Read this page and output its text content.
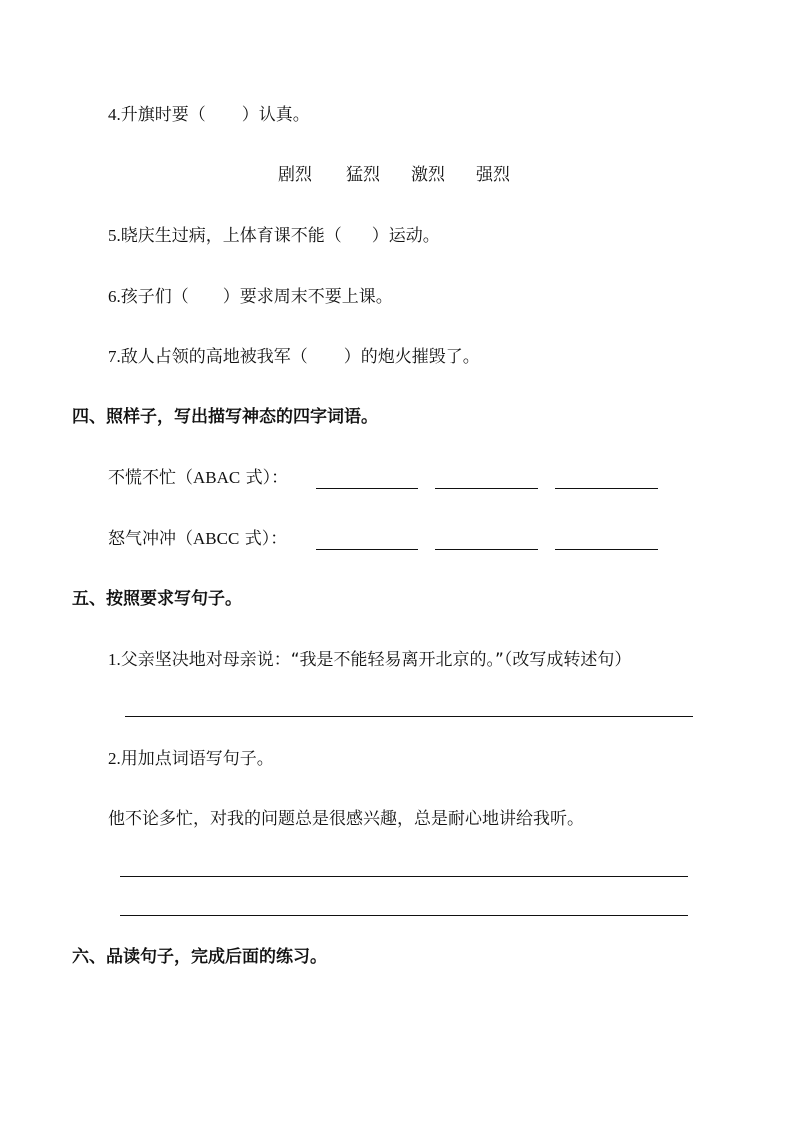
4.升旗时要（ ）认真。
剧烈 猛烈 激烈 强烈
5.晓庆生过病，上体育课不能（ ）运动。
6.孩子们（ ）要求周末不要上课。
7.敌人占领的高地被我军（ ）的炮火摧毁了。
四、照样子，写出描写神态的四字词语。
不慌不忙（ABAC 式）：
怒气冲冲（ABCC 式）：
五、按照要求写句子。
1.父亲坚决地对母亲说：“我是不能轻易离开北京的。”（改写成转述句）
2.用加点词语写句子。
他不论多忙，对我的问题总是很感兴趣，总是耐心地讲给我听。
六、品读句子，完成后面的练习。
